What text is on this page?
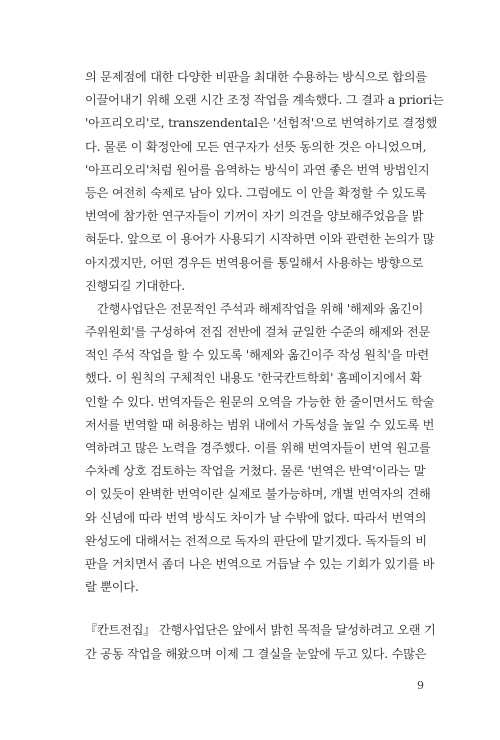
의 문제점에 대한 다양한 비판을 최대한 수용하는 방식으로 합의를
이끌어내기 위해 오랜 시간 조정 작업을 계속했다. 그 결과 a priori는
'아프리오리'로, transzendental은 '선험적'으로 번역하기로 결정했
다. 물론 이 확정안에 모든 연구자가 선뜻 동의한 것은 아니었으며,
'아프리오리'처럼 원어를 음역하는 방식이 과연 좋은 번역 방법인지
등은 여전히 숙제로 남아 있다. 그럼에도 이 안을 확정할 수 있도록
번역에 참가한 연구자들이 기꺼이 자기 의견을 양보해주었음을 밝
혀둔다. 앞으로 이 용어가 사용되기 시작하면 이와 관련한 논의가 많
아지겠지만, 어떤 경우든 번역용어를 통일해서 사용하는 방향으로
진행되길 기대한다.
간행사업단은 전문적인 주석과 해제작업을 위해 '해제와 옮긴이
주위원회'를 구성하여 전집 전반에 걸쳐 균일한 수준의 해제와 전문
적인 주석 작업을 할 수 있도록 '해제와 옮긴이주 작성 원칙'을 마련
했다. 이 원칙의 구체적인 내용도 '한국칸트학회' 홈페이지에서 확
인할 수 있다. 번역자들은 원문의 오역을 가능한 한 줄이면서도 학술
저서를 번역할 때 허용하는 범위 내에서 가독성을 높일 수 있도록 번
역하려고 많은 노력을 경주했다. 이를 위해 번역자들이 번역 원고를
수차례 상호 검토하는 작업을 거쳤다. 물론 '번역은 반역'이라는 말
이 있듯이 완벽한 번역이란 실제로 불가능하며, 개별 번역자의 견해
와 신념에 따라 번역 방식도 차이가 날 수밖에 없다. 따라서 번역의
완성도에 대해서는 전적으로 독자의 판단에 맡기겠다. 독자들의 비
판을 거치면서 좀더 나은 번역으로 거듭날 수 있는 기회가 있기를 바
랄 뿐이다.
『칸트전집』 간행사업단은 앞에서 밝힌 목적을 달성하려고 오랜 기
간 공동 작업을 해왔으며 이제 그 결실을 눈앞에 두고 있다. 수많은
9
